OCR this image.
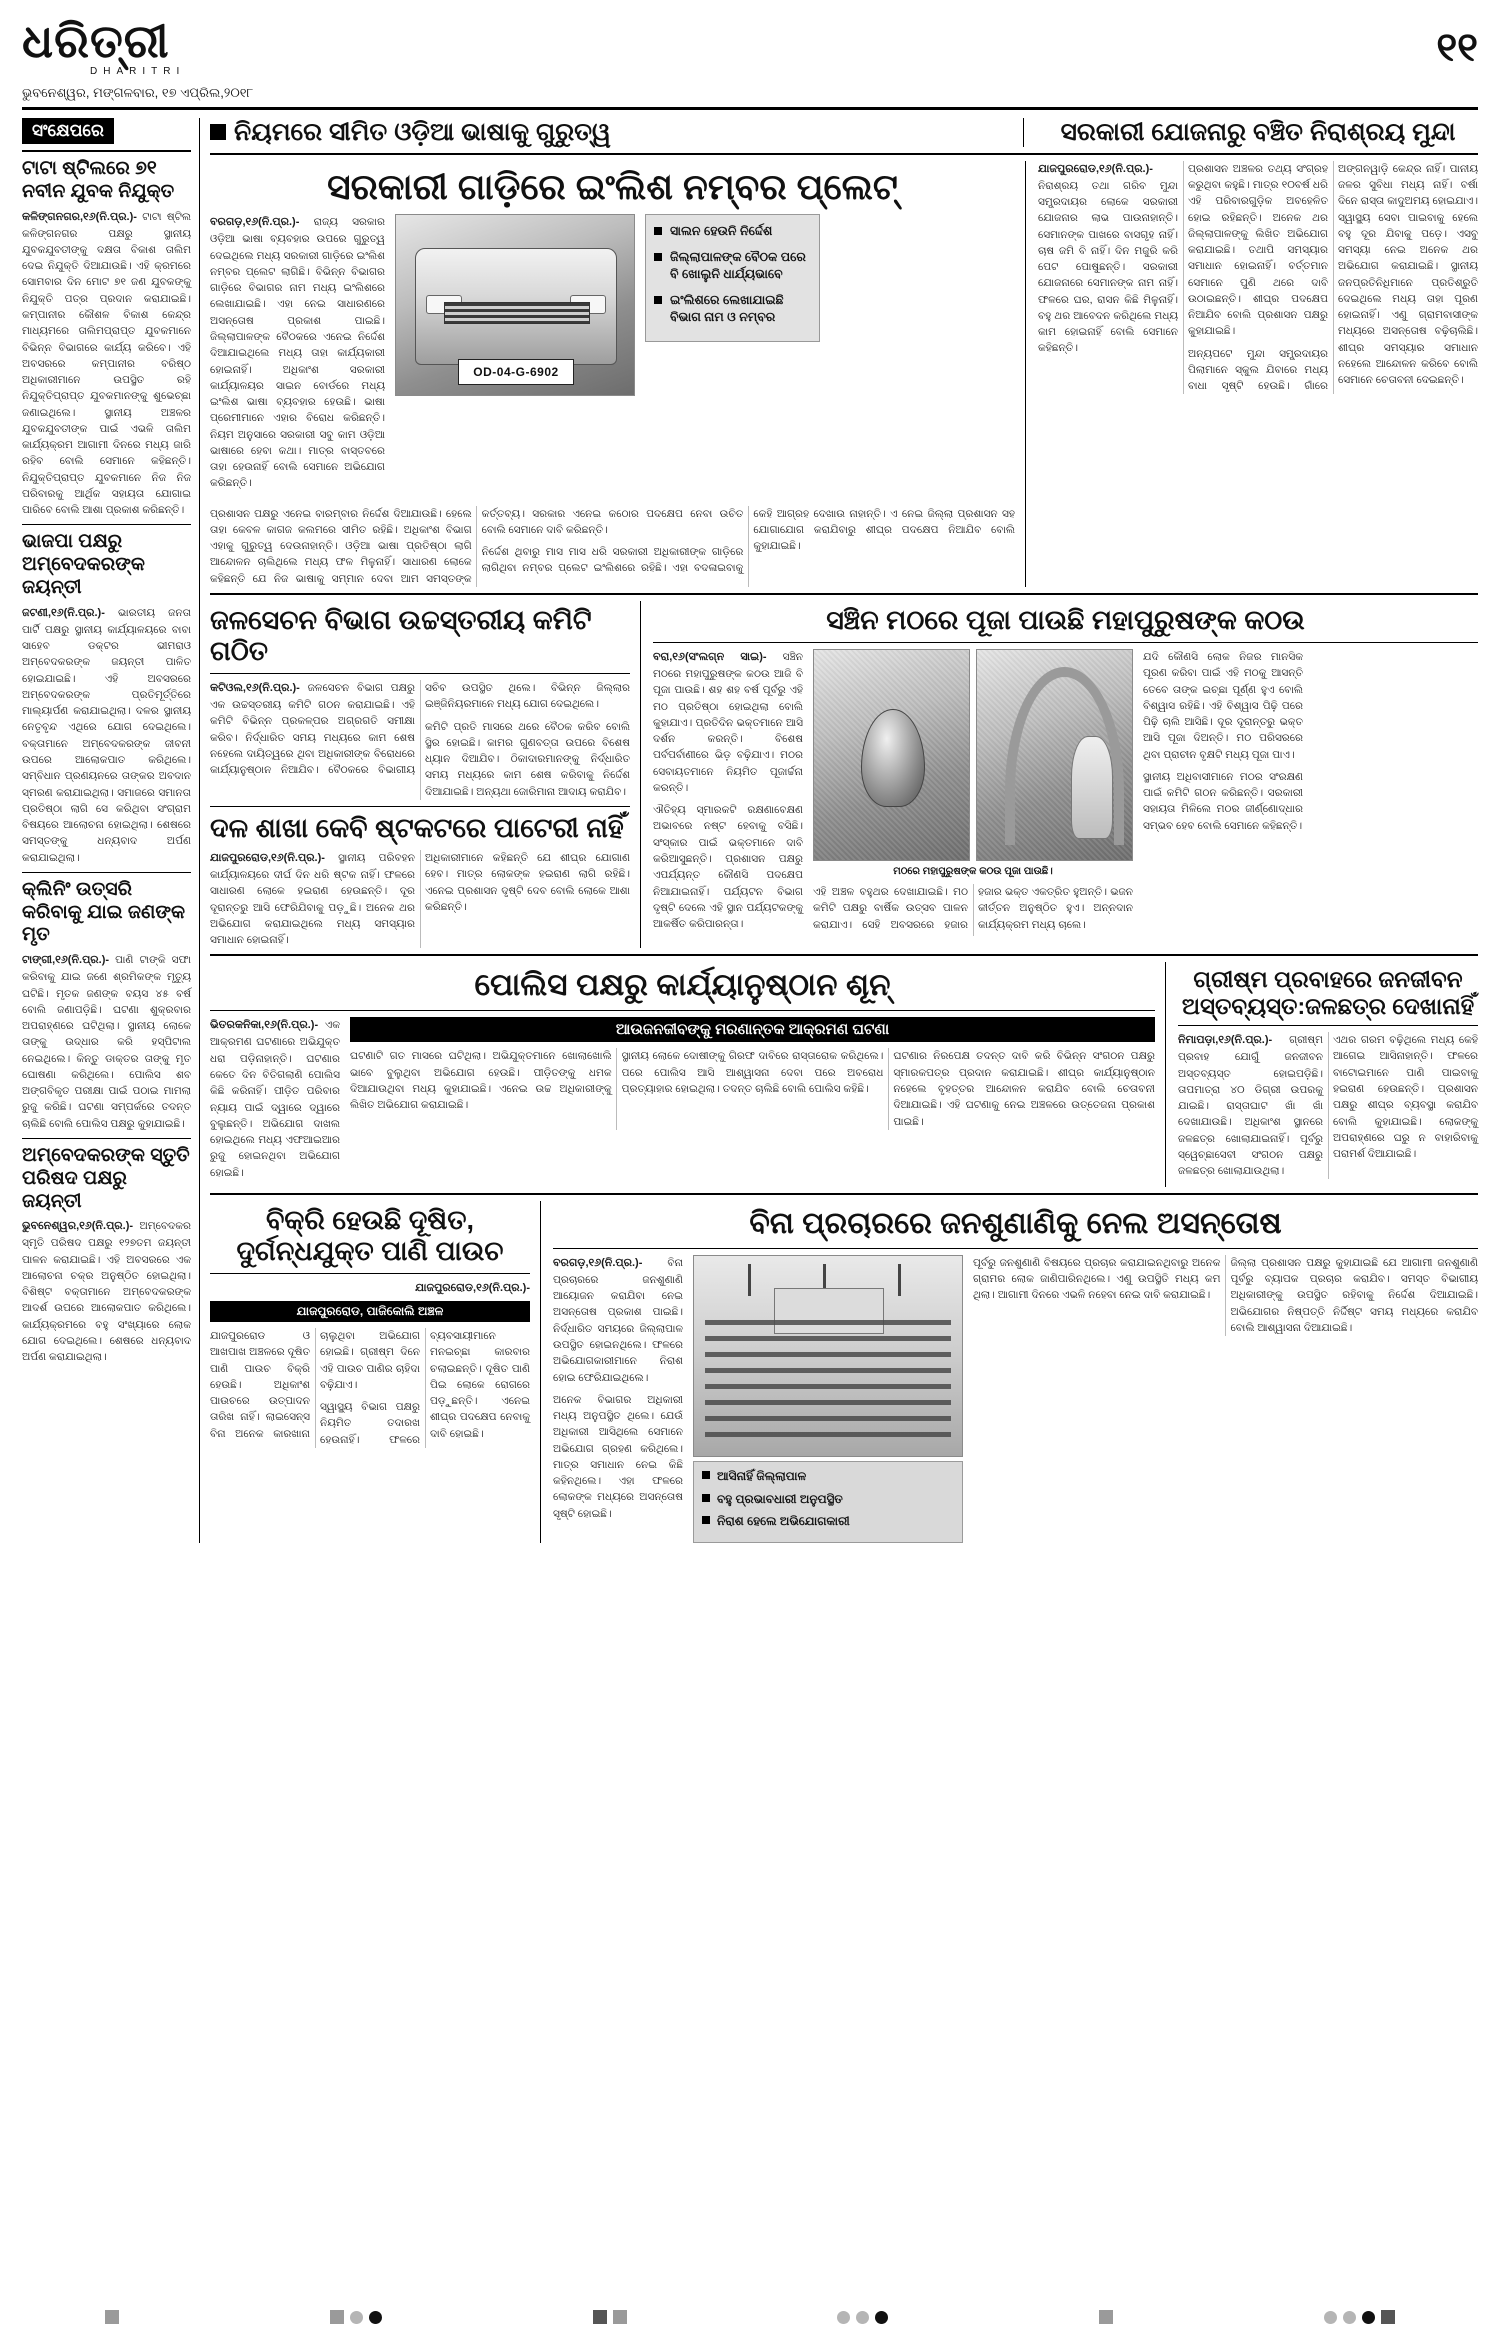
ଧରିତ୍ରୀ
DHARITRI
ଭୁବନେଶ୍ୱର, ମଙ୍ଗଳବାର, ୧୭ ଏପ୍ରିଲ,୨୦୧୮
୧୧
ସଂକ୍ଷେପରେ
ଟାଟା ଷ୍ଟିଲରେ ୭୧ ନବୀନ ଯୁବକ ନିଯୁକ୍ତ

କଳିଙ୍ଗନଗର,୧୬(ନି.ପ୍ର.)- ଟାଟା ଷ୍ଟିଲ କଳିଙ୍ଗନଗର ପକ୍ଷରୁ ସ୍ଥାନୀୟ ଯୁବକଯୁବତୀଙ୍କୁ ଦକ୍ଷତା ବିକାଶ ତାଲିମ ଦେଇ ନିଯୁକ୍ତି ଦିଆଯାଉଛି। ଏହି କ୍ରମରେ ସୋମବାର ଦିନ ମୋଟ ୭୧ ଜଣ ଯୁବକଙ୍କୁ ନିଯୁକ୍ତି ପତ୍ର ପ୍ରଦାନ କରାଯାଇଛି। କମ୍ପାନୀର କୌଶଳ ବିକାଶ କେନ୍ଦ୍ର ମାଧ୍ୟମରେ ତାଲିମପ୍ରାପ୍ତ ଯୁବକମାନେ ବିଭିନ୍ନ ବିଭାଗରେ କାର୍ଯ୍ୟ କରିବେ। ଏହି ଅବସରରେ କମ୍ପାନୀର ବରିଷ୍ଠ ଅଧିକାରୀମାନେ ଉପସ୍ଥିତ ରହି ନିଯୁକ୍ତିପ୍ରାପ୍ତ ଯୁବକମାନଙ୍କୁ ଶୁଭେଚ୍ଛା ଜଣାଇଥିଲେ। ସ୍ଥାନୀୟ ଅଞ୍ଚଳର ଯୁବକଯୁବତୀଙ୍କ ପାଇଁ ଏଭଳି ତାଲିମ କାର୍ଯ୍ୟକ୍ରମ ଆଗାମୀ ଦିନରେ ମଧ୍ୟ ଜାରି ରହିବ ବୋଲି ସେମାନେ କହିଛନ୍ତି। ନିଯୁକ୍ତିପ୍ରାପ୍ତ ଯୁବକମାନେ ନିଜ ନିଜ ପରିବାରକୁ ଆର୍ଥିକ ସହାୟତା ଯୋଗାଇ ପାରିବେ ବୋଲି ଆଶା ପ୍ରକାଶ କରିଛନ୍ତି।

ଭାଜପା ପକ୍ଷରୁ ଅମ୍ବେଦକରଙ୍କ ଜୟନ୍ତୀ

ଜଟଣୀ,୧୬(ନି.ପ୍ର.)- ଭାରତୀୟ ଜନତା ପାର୍ଟି ପକ୍ଷରୁ ସ୍ଥାନୀୟ କାର୍ଯ୍ୟାଳୟରେ ବାବା ସାହେବ ଡକ୍ଟର ଭୀମରାଓ ଅମ୍ବେଦକରଙ୍କ ଜୟନ୍ତୀ ପାଳିତ ହୋଇଯାଇଛି। ଏହି ଅବସରରେ ଅମ୍ବେଦକରଙ୍କ ପ୍ରତିମୂର୍ତ୍ତିରେ ମାଲ୍ୟାର୍ପଣ କରାଯାଇଥିଲା। ଦଳର ସ୍ଥାନୀୟ ନେତୃବୃନ୍ଦ ଏଥିରେ ଯୋଗ ଦେଇଥିଲେ। ବକ୍ତାମାନେ ଅମ୍ବେଦକରଙ୍କ ଜୀବନୀ ଉପରେ ଆଲୋକପାତ କରିଥିଲେ। ସମ୍ବିଧାନ ପ୍ରଣୟନରେ ତାଙ୍କର ଅବଦାନ ସ୍ମରଣ କରାଯାଇଥିଲା। ସମାଜରେ ସମାନତା ପ୍ରତିଷ୍ଠା ଲାଗି ସେ କରିଥିବା ସଂଗ୍ରାମ ବିଷୟରେ ଆଲୋଚନା ହୋଇଥିଲା। ଶେଷରେ ସମସ୍ତଙ୍କୁ ଧନ୍ୟବାଦ ଅର୍ପଣ କରାଯାଇଥିଲା।

କ୍ଲିନିଂ ଉତ୍ସରି କରିବାକୁ ଯାଇ ଜଣଙ୍କ ମୃତ

ଟାଙ୍ଗୀ,୧୬(ନି.ପ୍ର.)- ପାଣି ଟାଙ୍କି ସଫା କରିବାକୁ ଯାଇ ଜଣେ ଶ୍ରମିକଙ୍କ ମୃତ୍ୟୁ ଘଟିଛି। ମୃତକ ଜଣଙ୍କ ବୟସ ୪୫ ବର୍ଷ ବୋଲି ଜଣାପଡ଼ିଛି। ଘଟଣା ଶୁକ୍ରବାର ଅପରାହ୍ଣରେ ଘଟିଥିଲା। ସ୍ଥାନୀୟ ଲୋକେ ତାଙ୍କୁ ଉଦ୍ଧାର କରି ହସ୍ପିଟାଲ ନେଇଥିଲେ। କିନ୍ତୁ ଡାକ୍ତର ତାଙ୍କୁ ମୃତ ଘୋଷଣା କରିଥିଲେ। ପୋଲିସ ଶବ ଅଙ୍ଗବିକୃତ ପରୀକ୍ଷା ପାଇଁ ପଠାଇ ମାମଲା ରୁଜୁ କରିଛି। ଘଟଣା ସମ୍ପର୍କରେ ତଦନ୍ତ ଚାଲିଛି ବୋଲି ପୋଲିସ ପକ୍ଷରୁ କୁହାଯାଇଛି।

ଅମ୍ବେଦକରଙ୍କ ସ୍ତୁତି ପରିଷଦ ପକ୍ଷରୁ ଜୟନ୍ତୀ

ଭୁବନେଶ୍ୱର,୧୬(ନି.ପ୍ର.)- ଅମ୍ବେଦକର ସ୍ମୃତି ପରିଷଦ ପକ୍ଷରୁ ୧୨୭ତମ ଜୟନ୍ତୀ ପାଳନ କରାଯାଇଛି। ଏହି ଅବସରରେ ଏକ ଆଲୋଚନା ଚକ୍ର ଅନୁଷ୍ଠିତ ହୋଇଥିଲା। ବିଶିଷ୍ଟ ବକ୍ତାମାନେ ଅମ୍ବେଦକରଙ୍କ ଆଦର୍ଶ ଉପରେ ଆଲୋକପାତ କରିଥିଲେ। କାର୍ଯ୍ୟକ୍ରମରେ ବହୁ ସଂଖ୍ୟାରେ ଲୋକ ଯୋଗ ଦେଇଥିଲେ। ଶେଷରେ ଧନ୍ୟବାଦ ଅର୍ପଣ କରାଯାଇଥିଲା।

ନିୟମରେ ସୀମିତ ଓଡ଼ିଆ ଭାଷାକୁ ଗୁରୁତ୍ୱ	ସରକାରୀ ଯୋଜନାରୁ ବଞ୍ଚିତ ନିରାଶ୍ରୟ ମୁନ୍ଦା
ସରକାରୀ ଗାଡ଼ିରେ ଇଂଲିଶ ନମ୍ବର ପ୍ଲେଟ୍

ବରଗଡ଼,୧୬(ନି.ପ୍ର.)- ରାଜ୍ୟ ସରକାର ଓଡ଼ିଆ ଭାଷା ବ୍ୟବହାର ଉପରେ ଗୁରୁତ୍ୱ ଦେଇଥିଲେ ମଧ୍ୟ ସରକାରୀ ଗାଡ଼ିରେ ଇଂଲିଶ ନମ୍ବର ପ୍ଲେଟ ଲାଗିଛି। ବିଭିନ୍ନ ବିଭାଗର ଗାଡ଼ିରେ ବିଭାଗର ନାମ ମଧ୍ୟ ଇଂଲିଶରେ ଲେଖାଯାଇଛି। ଏହା ନେଇ ସାଧାରଣରେ ଅସନ୍ତୋଷ ପ୍ରକାଶ ପାଇଛି। ଜିଲ୍ଲାପାଳଙ୍କ ବୈଠକରେ ଏନେଇ ନିର୍ଦ୍ଦେଶ ଦିଆଯାଇଥିଲେ ମଧ୍ୟ ତାହା କାର୍ଯ୍ୟକାରୀ ହୋଇନାହିଁ। ଅଧିକାଂଶ ସରକାରୀ କାର୍ଯ୍ୟାଳୟର ସାଇନ ବୋର୍ଡରେ ମଧ୍ୟ ଇଂଲିଶ ଭାଷା ବ୍ୟବହାର ହେଉଛି। ଭାଷା ପ୍ରେମୀମାନେ ଏହାର ବିରୋଧ କରିଛନ୍ତି। ନିୟମ ଅନୁସାରେ ସରକାରୀ ସବୁ କାମ ଓଡ଼ିଆ ଭାଷାରେ ହେବା କଥା। ମାତ୍ର ବାସ୍ତବରେ ତାହା ହେଉନାହିଁ ବୋଲି ସେମାନେ ଅଭିଯୋଗ କରିଛନ୍ତି।

OD-04-G-6902
ସାଲନ ହେଉନି ନିର୍ଦ୍ଦେଶ
ଜିଲ୍ଲାପାଳଙ୍କ ବୈଠକ ପରେ ବି ଖୋଲୁନି ଧାର୍ଯ୍ୟଭାବେ
ଇଂଲିଶରେ ଲେଖାଯାଇଛି ବିଭାଗ ନାମ ଓ ନମ୍ବର

ପ୍ରଶାସନ ପକ୍ଷରୁ ଏନେଇ ବାରମ୍ବାର ନିର୍ଦ୍ଦେଶ ଦିଆଯାଉଛି। ହେଲେ ତାହା କେବଳ କାଗଜ କଲମରେ ସୀମିତ ରହିଛି। ଅଧିକାଂଶ ବିଭାଗ ଏହାକୁ ଗୁରୁତ୍ୱ ଦେଉନାହାନ୍ତି। ଓଡ଼ିଆ ଭାଷା ପ୍ରତିଷ୍ଠା ଲାଗି ଆନ୍ଦୋଳନ ଚାଲିଥିଲେ ମଧ୍ୟ ଫଳ ମିଳୁନାହିଁ। ସାଧାରଣ ଲୋକେ କହିଛନ୍ତି ଯେ ନିଜ ଭାଷାକୁ ସମ୍ମାନ ଦେବା ଆମ ସମସ୍ତଙ୍କ କର୍ତ୍ତବ୍ୟ। ସରକାର ଏନେଇ କଠୋର ପଦକ୍ଷେପ ନେବା ଉଚିତ ବୋଲି ସେମାନେ ଦାବି କରିଛନ୍ତି।

ନିର୍ଦ୍ଦେଶ ଥିବାରୁ ମାସ ମାସ ଧରି ସରକାରୀ ଅଧିକାରୀଙ୍କ ଗାଡ଼ିରେ ଲାଗିଥିବା ନମ୍ବର ପ୍ଲେଟ ଇଂଲିଶରେ ରହିଛି। ଏହା ବଦଳାଇବାକୁ କେହି ଆଗ୍ରହ ଦେଖାଉ ନାହାନ୍ତି। ଏ ନେଇ ଜିଲ୍ଲା ପ୍ରଶାସନ ସହ ଯୋଗାଯୋଗ କରାଯିବାରୁ ଶୀଘ୍ର ପଦକ୍ଷେପ ନିଆଯିବ ବୋଲି କୁହାଯାଇଛି।

ଯାଜପୁରରୋଡ,୧୬(ନି.ପ୍ର.)- ନିରାଶ୍ରୟ ତଥା ଗରିବ ମୁନ୍ଦା ସମ୍ପ୍ରଦାୟର ଲୋକେ ସରକାରୀ ଯୋଜନାର ଲାଭ ପାଉନାହାନ୍ତି। ସେମାନଙ୍କ ପାଖରେ ବାସଗୃହ ନାହିଁ। ଚାଷ ଜମି ବି ନାହିଁ। ଦିନ ମଜୁରି କରି ପେଟ ପୋଷୁଛନ୍ତି। ସରକାରୀ ଯୋଜନାରେ ସେମାନଙ୍କ ନାମ ନାହିଁ। ଫଳରେ ଘର, ରାସନ କିଛି ମିଳୁନାହିଁ। ବହୁ ଥର ଆବେଦନ କରିଥିଲେ ମଧ୍ୟ କାମ ହୋଇନାହିଁ ବୋଲି ସେମାନେ କହିଛନ୍ତି।

ପ୍ରଶାସନ ଅଞ୍ଚଳର ତଥ୍ୟ ସଂଗ୍ରହ କରୁଥିବା କହୁଛି। ମାତ୍ର ୧୦ବର୍ଷ ଧରି ଏହି ପରିବାରଗୁଡ଼ିକ ଅବହେଳିତ ହୋଇ ରହିଛନ୍ତି। ଅନେକ ଥର ଜିଲ୍ଲାପାଳଙ୍କୁ ଲିଖିତ ଅଭିଯୋଗ କରାଯାଇଛି। ତଥାପି ସମସ୍ୟାର ସମାଧାନ ହୋଇନାହିଁ। ବର୍ତ୍ତମାନ ସେମାନେ ପୁଣି ଥରେ ଦାବି ଉଠାଇଛନ୍ତି। ଶୀଘ୍ର ପଦକ୍ଷେପ ନିଆଯିବ ବୋଲି ପ୍ରଶାସନ ପକ୍ଷରୁ କୁହାଯାଇଛି।

ଅନ୍ୟପଟେ ମୁନ୍ଦା ସମ୍ପ୍ରଦାୟର ପିଲାମାନେ ସ୍କୁଲ ଯିବାରେ ମଧ୍ୟ ବାଧା ସୃଷ୍ଟି ହେଉଛି। ଗାଁରେ ଅଙ୍ଗନୱାଡ଼ି କେନ୍ଦ୍ର ନାହିଁ। ପାନୀୟ ଜଳର ସୁବିଧା ମଧ୍ୟ ନାହିଁ। ବର୍ଷା ଦିନେ ରାସ୍ତା କାଦୁଅମୟ ହୋଇଯାଏ। ସ୍ୱାସ୍ଥ୍ୟ ସେବା ପାଇବାକୁ ହେଲେ ବହୁ ଦୂର ଯିବାକୁ ପଡ଼େ। ଏସବୁ ସମସ୍ୟା ନେଇ ଅନେକ ଥର ଅଭିଯୋଗ କରାଯାଇଛି। ସ୍ଥାନୀୟ ଜନପ୍ରତିନିଧିମାନେ ପ୍ରତିଶ୍ରୁତି ଦେଇଥିଲେ ମଧ୍ୟ ତାହା ପୂରଣ ହୋଇନାହିଁ। ଏଣୁ ଗ୍ରାମବାସୀଙ୍କ ମଧ୍ୟରେ ଅସନ୍ତୋଷ ବଢ଼ିଚାଲିଛି। ଶୀଘ୍ର ସମସ୍ୟାର ସମାଧାନ ନହେଲେ ଆନ୍ଦୋଳନ କରିବେ ବୋଲି ସେମାନେ ଚେତାବନୀ ଦେଇଛନ୍ତି।

ଜଳସେଚନ ବିଭାଗ ଉଚ୍ଚସ୍ତରୀୟ କମିଟି ଗଠିତ

କଟିଓଲ,୧୬(ନି.ପ୍ର.)- ଜଳସେଚନ ବିଭାଗ ପକ୍ଷରୁ ଏକ ଉଚ୍ଚସ୍ତରୀୟ କମିଟି ଗଠନ କରାଯାଇଛି। ଏହି କମିଟି ବିଭିନ୍ନ ପ୍ରକଳ୍ପର ଅଗ୍ରଗତି ସମୀକ୍ଷା କରିବ। ନିର୍ଦ୍ଧାରିତ ସମୟ ମଧ୍ୟରେ କାମ ଶେଷ ନହେଲେ ଦାୟିତ୍ୱରେ ଥିବା ଅଧିକାରୀଙ୍କ ବିରୋଧରେ କାର୍ଯ୍ୟାନୁଷ୍ଠାନ ନିଆଯିବ। ବୈଠକରେ ବିଭାଗୀୟ ସଚିବ ଉପସ୍ଥିତ ଥିଲେ। ବିଭିନ୍ନ ଜିଲ୍ଲାର ଇଞ୍ଜିନିୟରମାନେ ମଧ୍ୟ ଯୋଗ ଦେଇଥିଲେ।

କମିଟି ପ୍ରତି ମାସରେ ଥରେ ବୈଠକ କରିବ ବୋଲି ସ୍ଥିର ହୋଇଛି। କାମର ଗୁଣବତ୍ତା ଉପରେ ବିଶେଷ ଧ୍ୟାନ ଦିଆଯିବ। ଠିକାଦାରମାନଙ୍କୁ ନିର୍ଦ୍ଧାରିତ ସମୟ ମଧ୍ୟରେ କାମ ଶେଷ କରିବାକୁ ନିର୍ଦ୍ଦେଶ ଦିଆଯାଇଛି। ଅନ୍ୟଥା ଜୋରିମାନା ଆଦାୟ କରାଯିବ।

ଦଳ ଶାଖା କେବି ଷ୍ଟକଟରେ ପାଟେରୀ ନାହିଁ

ଯାଜପୁରରୋଡ,୧୬(ନି.ପ୍ର.)- ସ୍ଥାନୀୟ ପରିବହନ କାର୍ଯ୍ୟାଳୟରେ ଦୀର୍ଘ ଦିନ ଧରି ଷ୍ଟକ ନାହିଁ। ଫଳରେ ସାଧାରଣ ଲୋକେ ହଇରାଣ ହେଉଛନ୍ତି। ଦୂର ଦୂରାନ୍ତରୁ ଆସି ଫେରିଯିବାକୁ ପଡ଼ୁଛି। ଅନେକ ଥର ଅଭିଯୋଗ କରାଯାଇଥିଲେ ମଧ୍ୟ ସମସ୍ୟାର ସମାଧାନ ହୋଇନାହିଁ।

ଅଧିକାରୀମାନେ କହିଛନ୍ତି ଯେ ଶୀଘ୍ର ଯୋଗାଣ ହେବ। ମାତ୍ର ଲୋକଙ୍କ ହଇରାଣ ଲାଗି ରହିଛି। ଏନେଇ ପ୍ରଶାସନ ଦୃଷ୍ଟି ଦେବ ବୋଲି ଲୋକେ ଆଶା କରିଛନ୍ତି।

ସଞ୍ଚିନ ମଠରେ ପୂଜା ପାଉଛି ମହାପୁରୁଷଙ୍କ କଠଉ

ବରା,୧୬(ସଂଲଗ୍ନ ସାଇ)- ସଞ୍ଚିନ ମଠରେ ମହାପୁରୁଷଙ୍କ କଠଉ ଆଜି ବି ପୂଜା ପାଉଛି। ଶହ ଶହ ବର୍ଷ ପୂର୍ବରୁ ଏହି ମଠ ପ୍ରତିଷ୍ଠା ହୋଇଥିଲା ବୋଲି କୁହାଯାଏ। ପ୍ରତିଦିନ ଭକ୍ତମାନେ ଆସି ଦର୍ଶନ କରନ୍ତି। ବିଶେଷ ପର୍ବପର୍ବାଣୀରେ ଭିଡ଼ ବଢ଼ିଯାଏ। ମଠର ସେବାୟତମାନେ ନିୟମିତ ପୂଜାର୍ଚ୍ଚନା କରନ୍ତି।

ଐତିହ୍ୟ ସ୍ମାରକଟି ରକ୍ଷଣାବେକ୍ଷଣ ଅଭାବରେ ନଷ୍ଟ ହେବାକୁ ବସିଛି। ସଂସ୍କାର ପାଇଁ ଭକ୍ତମାନେ ଦାବି କରିଆସୁଛନ୍ତି। ପ୍ରଶାସନ ପକ୍ଷରୁ ଏପର୍ଯ୍ୟନ୍ତ କୌଣସି ପଦକ୍ଷେପ ନିଆଯାଇନାହିଁ। ପର୍ଯ୍ୟଟନ ବିଭାଗ ଦୃଷ୍ଟି ଦେଲେ ଏହି ସ୍ଥାନ ପର୍ଯ୍ୟଟକଙ୍କୁ ଆକର୍ଷିତ କରିପାରନ୍ତା।

ମଠରେ ମହାପୁରୁଷଙ୍କ କଠଉ ପୂଜା ପାଉଛି।

ଏହି ଅଞ୍ଚଳ ବହୁଥର ଦେଖାଯାଇଛି। ମଠ କମିଟି ପକ୍ଷରୁ ବାର୍ଷିକ ଉତ୍ସବ ପାଳନ କରାଯାଏ। ସେହି ଅବସରରେ ହଜାର ହଜାର ଭକ୍ତ ଏକତ୍ରିତ ହୁଅନ୍ତି। ଭଜନ କୀର୍ତ୍ତନ ଅନୁଷ୍ଠିତ ହୁଏ। ଅନ୍ନଦାନ କାର୍ଯ୍ୟକ୍ରମ ମଧ୍ୟ ଚାଲେ।

ଯଦି କୌଣସି ଲୋକ ନିଜର ମାନସିକ ପୂରଣ କରିବା ପାଇଁ ଏହି ମଠକୁ ଆସନ୍ତି ତେବେ ତାଙ୍କ ଇଚ୍ଛା ପୂର୍ଣ୍ଣ ହୁଏ ବୋଲି ବିଶ୍ୱାସ ରହିଛି। ଏହି ବିଶ୍ୱାସ ପିଢ଼ି ପରେ ପିଢ଼ି ଚାଲି ଆସିଛି। ଦୂର ଦୂରାନ୍ତରୁ ଭକ୍ତ ଆସି ପୂଜା ଦିଅନ୍ତି। ମଠ ପରିସରରେ ଥିବା ପ୍ରାଚୀନ ବୃକ୍ଷଟି ମଧ୍ୟ ପୂଜା ପାଏ।

ସ୍ଥାନୀୟ ଅଧିବାସୀମାନେ ମଠର ସଂରକ୍ଷଣ ପାଇଁ କମିଟି ଗଠନ କରିଛନ୍ତି। ସରକାରୀ ସହାୟତା ମିଳିଲେ ମଠର ଜୀର୍ଣ୍ଣୋଦ୍ଧାର ସମ୍ଭବ ହେବ ବୋଲି ସେମାନେ କହିଛନ୍ତି।

ପୋଲିସ ପକ୍ଷରୁ କାର୍ଯ୍ୟାନୁଷ୍ଠାନ ଶୂନ୍

ଭିତରକନିକା,୧୬(ନି.ପ୍ର.)- ଏକ ଆକ୍ରମଣ ଘଟଣାରେ ଅଭିଯୁକ୍ତ ଧରା ପଡ଼ିନାହାନ୍ତି। ଘଟଣାର କେତେ ଦିନ ବିତିଗଲାଣି ପୋଲିସ କିଛି କରିନାହିଁ। ପୀଡ଼ିତ ପରିବାର ନ୍ୟାୟ ପାଇଁ ଦ୍ୱାରେ ଦ୍ୱାରେ ବୁଲୁଛନ୍ତି। ଅଭିଯୋଗ ଦାଖଲ ହୋଇଥିଲେ ମଧ୍ୟ ଏଫଆଇଆର ରୁଜୁ ହୋଇନଥିବା ଅଭିଯୋଗ ହୋଇଛି।

ଆଉଜନଜୀବଙ୍କୁ ମରଣାନ୍ତକ ଆକ୍ରମଣ ଘଟଣା

ଘଟଣାଟି ଗତ ମାସରେ ଘଟିଥିଲା। ଅଭିଯୁକ୍ତମାନେ ଖୋଲାଖୋଲି ଭାବେ ବୁଲୁଥିବା ଅଭିଯୋଗ ହେଉଛି। ପୀଡ଼ିତଙ୍କୁ ଧମକ ଦିଆଯାଉଥିବା ମଧ୍ୟ କୁହାଯାଇଛି। ଏନେଇ ଉଚ୍ଚ ଅଧିକାରୀଙ୍କୁ ଲିଖିତ ଅଭିଯୋଗ କରାଯାଇଛି।

ସ୍ଥାନୀୟ ଲୋକେ ଦୋଷୀଙ୍କୁ ଗିରଫ ଦାବିରେ ରାସ୍ତାରୋକ କରିଥିଲେ। ପରେ ପୋଲିସ ଆସି ଆଶ୍ୱାସନା ଦେବା ପରେ ଅବରୋଧ ପ୍ରତ୍ୟାହାର ହୋଇଥିଲା। ତଦନ୍ତ ଚାଲିଛି ବୋଲି ପୋଲିସ କହିଛି।

ଘଟଣାର ନିରପେକ୍ଷ ତଦନ୍ତ ଦାବି କରି ବିଭିନ୍ନ ସଂଗଠନ ପକ୍ଷରୁ ସ୍ମାରକପତ୍ର ପ୍ରଦାନ କରାଯାଇଛି। ଶୀଘ୍ର କାର୍ଯ୍ୟାନୁଷ୍ଠାନ ନହେଲେ ବୃହତ୍ତର ଆନ୍ଦୋଳନ କରାଯିବ ବୋଲି ଚେତାବନୀ ଦିଆଯାଇଛି। ଏହି ଘଟଣାକୁ ନେଇ ଅଞ୍ଚଳରେ ଉତ୍ତେଜନା ପ୍ରକାଶ ପାଇଛି।

ଗ୍ରୀଷ୍ମ ପ୍ରବାହରେ ଜନଜୀବନ ଅସ୍ତବ୍ୟସ୍ତ:ଜଳଛତ୍ର ଦେଖାନାହିଁ

ନିମାପଡ଼ା,୧୬(ନି.ପ୍ର.)- ଗ୍ରୀଷ୍ମ ପ୍ରବାହ ଯୋଗୁଁ ଜନଜୀବନ ଅସ୍ତବ୍ୟସ୍ତ ହୋଇପଡ଼ିଛି। ତାପମାତ୍ରା ୪୦ ଡିଗ୍ରୀ ଉପରକୁ ଯାଇଛି। ରାସ୍ତାଘାଟ ଖାଁ ଖାଁ ଦେଖାଯାଉଛି। ଅଧିକାଂଶ ସ୍ଥାନରେ ଜଳଛତ୍ର ଖୋଲାଯାଇନାହିଁ। ପୂର୍ବରୁ ସ୍ୱେଚ୍ଛାସେବୀ ସଂଗଠନ ପକ୍ଷରୁ ଜଳଛତ୍ର ଖୋଲାଯାଉଥିଲା।

ଏଥର ଗରମ ବଢ଼ିଥିଲେ ମଧ୍ୟ କେହି ଆଗେଇ ଆସିନାହାନ୍ତି। ଫଳରେ ବାଟୋଇମାନେ ପାଣି ପାଇବାକୁ ହଇରାଣ ହେଉଛନ୍ତି। ପ୍ରଶାସନ ପକ୍ଷରୁ ଶୀଘ୍ର ବ୍ୟବସ୍ଥା କରାଯିବ ବୋଲି କୁହାଯାଇଛି। ଲୋକଙ୍କୁ ଅପରାହ୍ଣରେ ଘରୁ ନ ବାହାରିବାକୁ ପରାମର୍ଶ ଦିଆଯାଇଛି।

ବିକ୍ରି ହେଉଛି ଦୂଷିତ, ଦୁର୍ଗନ୍ଧଯୁକ୍ତ ପାଣି ପାଉଚ
ଯାଜପୁରରୋଡ,୧୬(ନି.ପ୍ର.)-
ଯାଜପୁରରୋଡ, ପାଜିକୋଲି ଅଞ୍ଚଳ

ଯାଜପୁରରୋଡ ଓ ଆଖପାଖ ଅଞ୍ଚଳରେ ଦୂଷିତ ପାଣି ପାଉଚ ବିକ୍ରି ହେଉଛି। ଅଧିକାଂଶ ପାଉଚରେ ଉତ୍ପାଦନ ତାରିଖ ନାହିଁ। ଲାଇସେନ୍ସ ବିନା ଅନେକ କାରଖାନା ଚାଲୁଥିବା ଅଭିଯୋଗ ହୋଇଛି। ଗ୍ରୀଷ୍ମ ଦିନେ ଏହି ପାଉଚ ପାଣିର ଚାହିଦା ବଢ଼ିଯାଏ।

ସ୍ୱାସ୍ଥ୍ୟ ବିଭାଗ ପକ୍ଷରୁ ନିୟମିତ ତଦାରଖ ହେଉନାହିଁ। ଫଳରେ ବ୍ୟବସାୟୀମାନେ ମନଇଚ୍ଛା କାରବାର ଚଲାଇଛନ୍ତି। ଦୂଷିତ ପାଣି ପିଇ ଲୋକେ ରୋଗରେ ପଡ଼ୁଛନ୍ତି। ଏନେଇ ଶୀଘ୍ର ପଦକ୍ଷେପ ନେବାକୁ ଦାବି ହୋଇଛି।

ବିନା ପ୍ରଚାରରେ ଜନଶୁଣାଣିକୁ ନେଲ ଅସନ୍ତୋଷ

ବରଗଡ଼,୧୬(ନି.ପ୍ର.)- ବିନା ପ୍ରଚାରରେ ଜନଶୁଣାଣି ଆୟୋଜନ କରାଯିବା ନେଇ ଅସନ୍ତୋଷ ପ୍ରକାଶ ପାଇଛି। ନିର୍ଦ୍ଧାରିତ ସମୟରେ ଜିଲ୍ଲାପାଳ ଉପସ୍ଥିତ ହୋଇନଥିଲେ। ଫଳରେ ଅଭିଯୋଗକାରୀମାନେ ନିରାଶ ହୋଇ ଫେରିଯାଇଥିଲେ।

ଅନେକ ବିଭାଗର ଅଧିକାରୀ ମଧ୍ୟ ଅନୁପସ୍ଥିତ ଥିଲେ। ଯେଉଁ ଅଧିକାରୀ ଆସିଥିଲେ ସେମାନେ ଅଭିଯୋଗ ଗ୍ରହଣ କରିଥିଲେ। ମାତ୍ର ସମାଧାନ ନେଇ କିଛି କହିନଥିଲେ। ଏହା ଫଳରେ ଲୋକଙ୍କ ମଧ୍ୟରେ ଅସନ୍ତୋଷ ସୃଷ୍ଟି ହୋଇଛି।

ଆସିନାହିଁ ଜିଲ୍ଲାପାଳ
ବହୁ ପ୍ରଭାବଧାରୀ ଅନୁପସ୍ଥିତ
ନିରାଶ ହେଲେ ଅଭିଯୋଗକାରୀ

ପୂର୍ବରୁ ଜନଶୁଣାଣି ବିଷୟରେ ପ୍ରଚାର କରାଯାଇନଥିବାରୁ ଅନେକ ଗ୍ରାମର ଲୋକ ଜାଣିପାରିନଥିଲେ। ଏଣୁ ଉପସ୍ଥିତି ମଧ୍ୟ କମ ଥିଲା। ଆଗାମୀ ଦିନରେ ଏଭଳି ନହେବା ନେଇ ଦାବି କରାଯାଇଛି।

ଜିଲ୍ଲା ପ୍ରଶାସନ ପକ୍ଷରୁ କୁହାଯାଇଛି ଯେ ଆଗାମୀ ଜନଶୁଣାଣି ପୂର୍ବରୁ ବ୍ୟାପକ ପ୍ରଚାର କରାଯିବ। ସମସ୍ତ ବିଭାଗୀୟ ଅଧିକାରୀଙ୍କୁ ଉପସ୍ଥିତ ରହିବାକୁ ନିର୍ଦ୍ଦେଶ ଦିଆଯାଇଛି। ଅଭିଯୋଗର ନିଷ୍ପତ୍ତି ନିର୍ଦ୍ଦିଷ୍ଟ ସମୟ ମଧ୍ୟରେ କରାଯିବ ବୋଲି ଆଶ୍ୱାସନା ଦିଆଯାଇଛି।
